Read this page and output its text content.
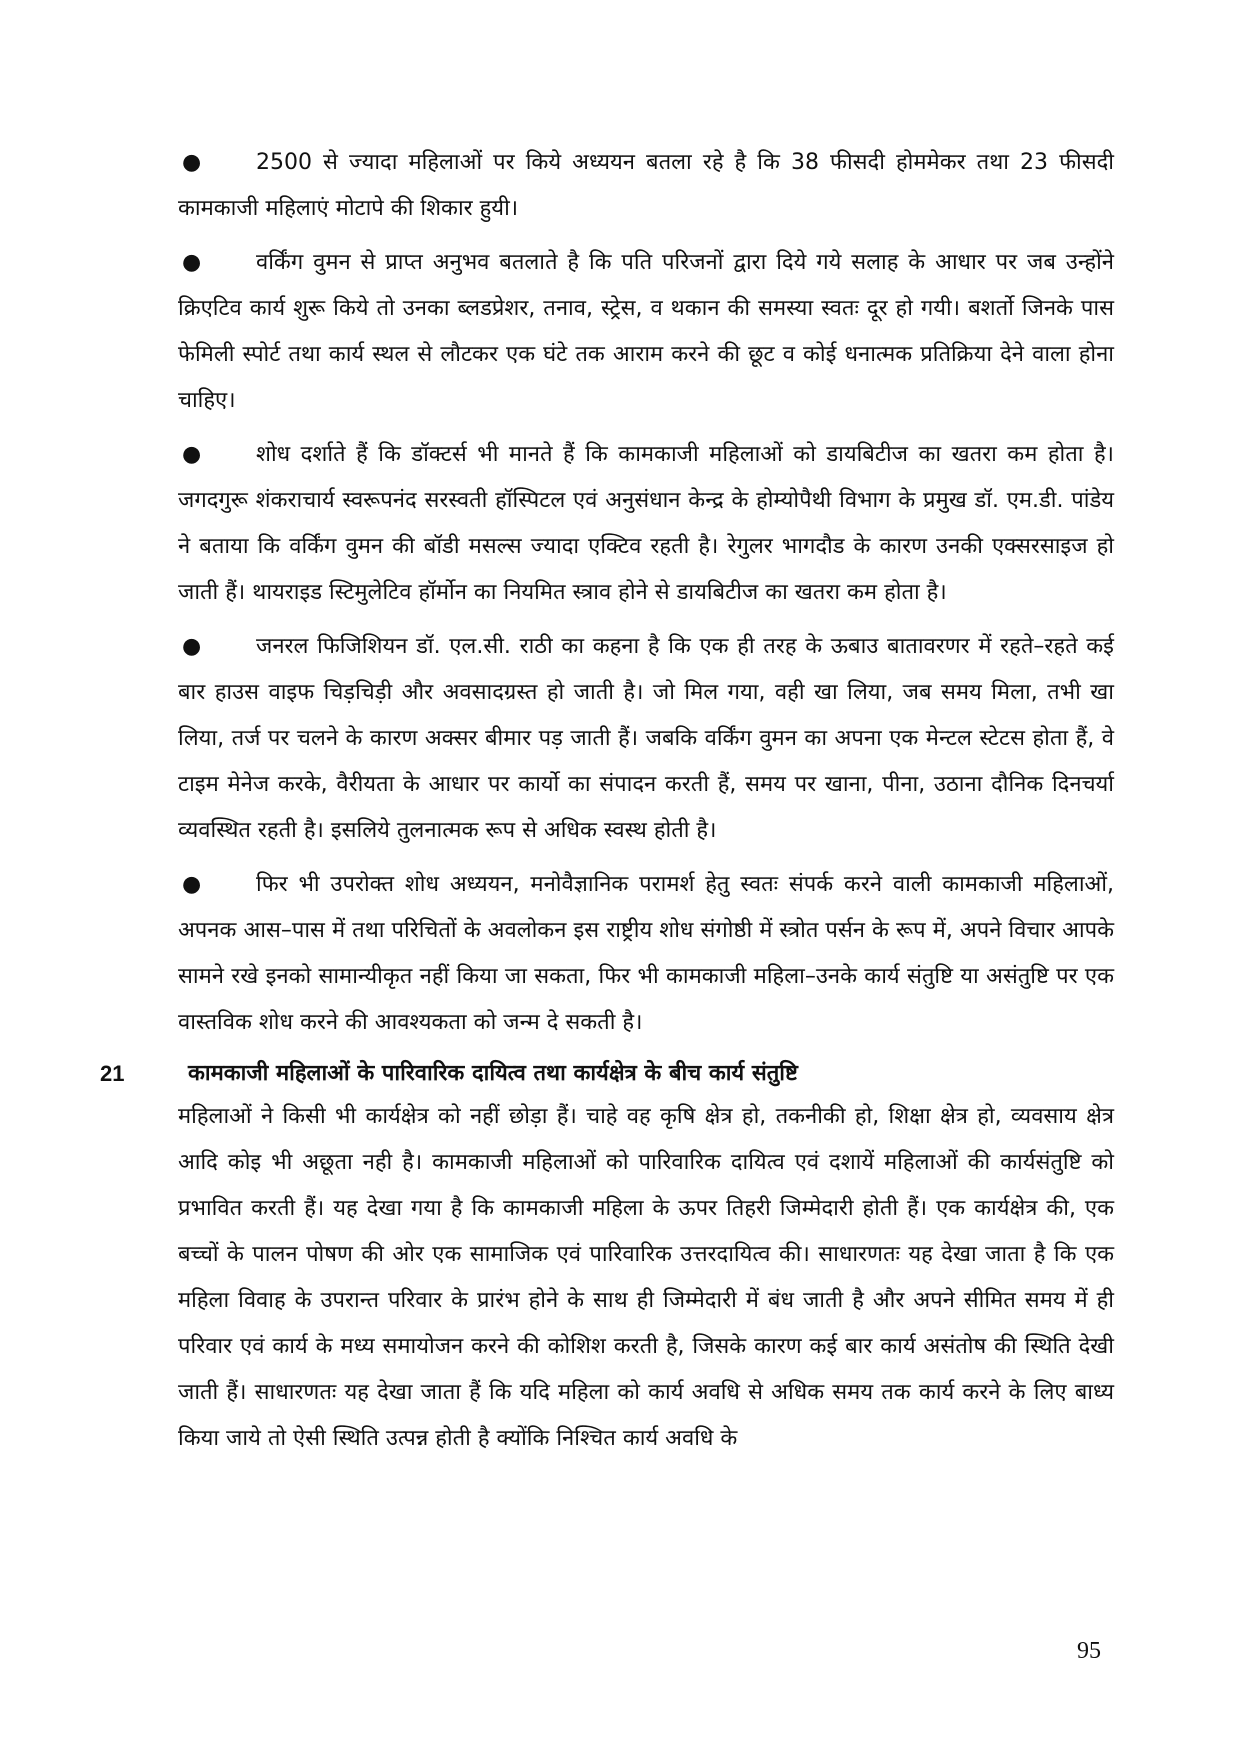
● 2500 से ज्यादा महिलाओं पर किये अध्ययन बतला रहे है कि 38 फीसदी होममेकर तथा 23 फीसदी कामकाजी महिलाएं मोटापे की शिकार हुयी।

● वर्किंग वुमन से प्राप्त अनुभव बतलाते है कि पति परिजनों द्वारा दिये गये सलाह के आधार पर जब उन्होंने क्रिएटिव कार्य शुरू किये तो उनका ब्लडप्रेशर, तनाव, स्ट्रेस, व थकान की समस्या स्वतः दूर हो गयी। बशर्तो जिनके पास फेमिली स्पोर्ट तथा कार्य स्थल से लौटकर एक घंटे तक आराम करने की छूट व कोई धनात्मक प्रतिक्रिया देने वाला होना चाहिए।

● शोध दर्शाते हैं कि डॉक्टर्स भी मानते हैं कि कामकाजी महिलाओं को डायबिटीज का खतरा कम होता है। जगदगुरू शंकराचार्य स्वरूपनंद सरस्वती हॉस्पिटल एवं अनुसंधान केन्द्र के होम्योपैथी विभाग के प्रमुख डॉ. एम.डी. पांडेय ने बताया कि वर्किंग वुमन की बॉडी मसल्स ज्यादा एक्टिव रहती है। रेगुलर भागदौड के कारण उनकी एक्सरसाइज हो जाती हैं। थायराइड स्टिमुलेटिव हॉर्मोन का नियमित स्त्राव होने से डायबिटीज का खतरा कम होता है।

● जनरल फिजिशियन डॉ. एल.सी. राठी का कहना है कि एक ही तरह के ऊबाउ बातावरणर में रहते–रहते कई बार हाउस वाइफ चिड़चिड़ी और अवसादग्रस्त हो जाती है। जो मिल गया, वही खा लिया, जब समय मिला, तभी खा लिया, तर्ज पर चलने के कारण अक्सर बीमार पड़ जाती हैं। जबकि वर्किंग वुमन का अपना एक मेन्टल स्टेटस होता हैं, वे टाइम मेनेज करके, वैरीयता के आधार पर कार्यो का संपादन करती हैं, समय पर खाना, पीना, उठाना दौनिक दिनचर्या व्यवस्थित रहती है। इसलिये तुलनात्मक रूप से अधिक स्वस्थ होती है।

● फिर भी उपरोक्त शोध अध्ययन, मनोवैज्ञानिक परामर्श हेतु स्वतः संपर्क करने वाली कामकाजी महिलाओं, अपनक आस–पास में तथा परिचितों के अवलोकन इस राष्ट्रीय शोध संगोष्ठी में स्त्रोत पर्सन के रूप में, अपने विचार आपके सामने रखे इनको सामान्यीकृत नहीं किया जा सकता, फिर भी कामकाजी महिला–उनके कार्य संतुष्टि या असंतुष्टि पर एक वास्तविक शोध करने की आवश्यकता को जन्म दे सकती है।

21	कामकाजी महिलाओं के पारिवारिक दायित्व तथा कार्यक्षेत्र के बीच कार्य संतुष्टि

महिलाओं ने किसी भी कार्यक्षेत्र को नहीं छोड़ा हैं। चाहे वह कृषि क्षेत्र हो, तकनीकी हो, शिक्षा क्षेत्र हो, व्यवसाय क्षेत्र आदि कोइ भी अछूता नही है। कामकाजी महिलाओं को पारिवारिक दायित्व एवं दशायें महिलाओं की कार्यसंतुष्टि को प्रभावित करती हैं। यह देखा गया है कि कामकाजी महिला के ऊपर तिहरी जिम्मेदारी होती हैं। एक कार्यक्षेत्र की, एक बच्चों के पालन पोषण की ओर एक सामाजिक एवं पारिवारिक उत्तरदायित्व की। साधारणतः यह देखा जाता है कि एक महिला विवाह के उपरान्त परिवार के प्रारंभ होने के साथ ही जिम्मेदारी में बंध जाती है और अपने सीमित समय में ही परिवार एवं कार्य के मध्य समायोजन करने की कोशिश करती है, जिसके कारण कई बार कार्य असंतोष की स्थिति देखी जाती हैं। साधारणतः यह देखा जाता हैं कि यदि महिला को कार्य अवधि से अधिक समय तक कार्य करने के लिए बाध्य किया जाये तो ऐसी स्थिति उत्पन्न होती है क्योंकि निश्चित कार्य अवधि के

95
